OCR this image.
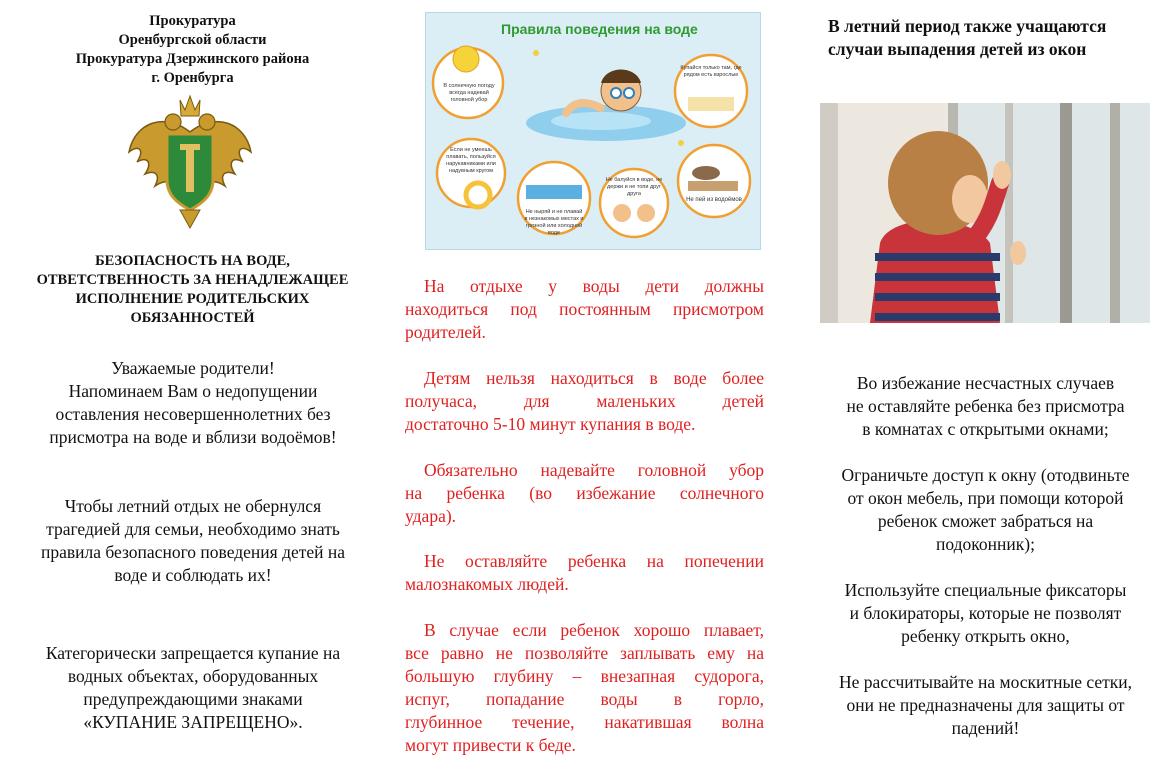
Прокуратура
Оренбургской области
Прокуратура Дзержинского района
г. Оренбурга
БЕЗОПАСНОСТЬ НА ВОДЕ,
ОТВЕТСТВЕННОСТЬ ЗА НЕНАДЛЕЖАЩЕЕ
ИСПОЛНЕНИЕ РОДИТЕЛЬСКИХ
ОБЯЗАННОСТЕЙ
Уважаемые родители!
Напоминаем Вам о недопущении
оставления несовершеннолетних без
присмотра на воде и вблизи водоёмов!
Чтобы летний отдых не обернулся
трагедией для семьи, необходимо знать
правила безопасного поведения детей на
воде и соблюдать их!
Категорически запрещается купание на
водных объектах, оборудованных
предупреждающими знаками
«КУПАНИЕ ЗАПРЕЩЕНО».
Правила поведения на воде
В солнечную погоду всегда надевай головной убор
Купайся только там, где рядом есть взрослые
Если не умеешь плавать, пользуйся нарукавниками или надувным кругом
Не ныряй и не плавай в незнакомых местах и грязной или холодной воде
Не балуйся в воде, не держи и не топи друг друга
Не пей из водоёмов
На отдыхе у воды дети должны
находиться под постоянным присмотром
родителей.
Детям нельзя находиться в воде более
получаса, для маленьких детей
достаточно 5-10 минут купания в воде.
Обязательно надевайте головной убор
на ребенка (во избежание солнечного
удара).
Не оставляйте ребенка на попечении
малознакомых людей.
В случае если ребенок хорошо плавает,
все равно не позволяйте заплывать ему на
большую глубину – внезапная судорога,
испуг, попадание воды в горло,
глубинное течение, накатившая волна
могут привести к беде.
В летний период также учащаются
случаи выпадения детей из окон
Во избежание несчастных случаев
не оставляйте ребенка без присмотра
в комнатах с открытыми окнами;
Ограничьте доступ к окну (отодвиньте
от окон мебель, при помощи которой
ребенок сможет забраться на
подоконник);
Используйте специальные фиксаторы
и блокираторы, которые не позволят
ребенку открыть окно,
Не рассчитывайте на москитные сетки,
они не предназначены для защиты от
падений!
